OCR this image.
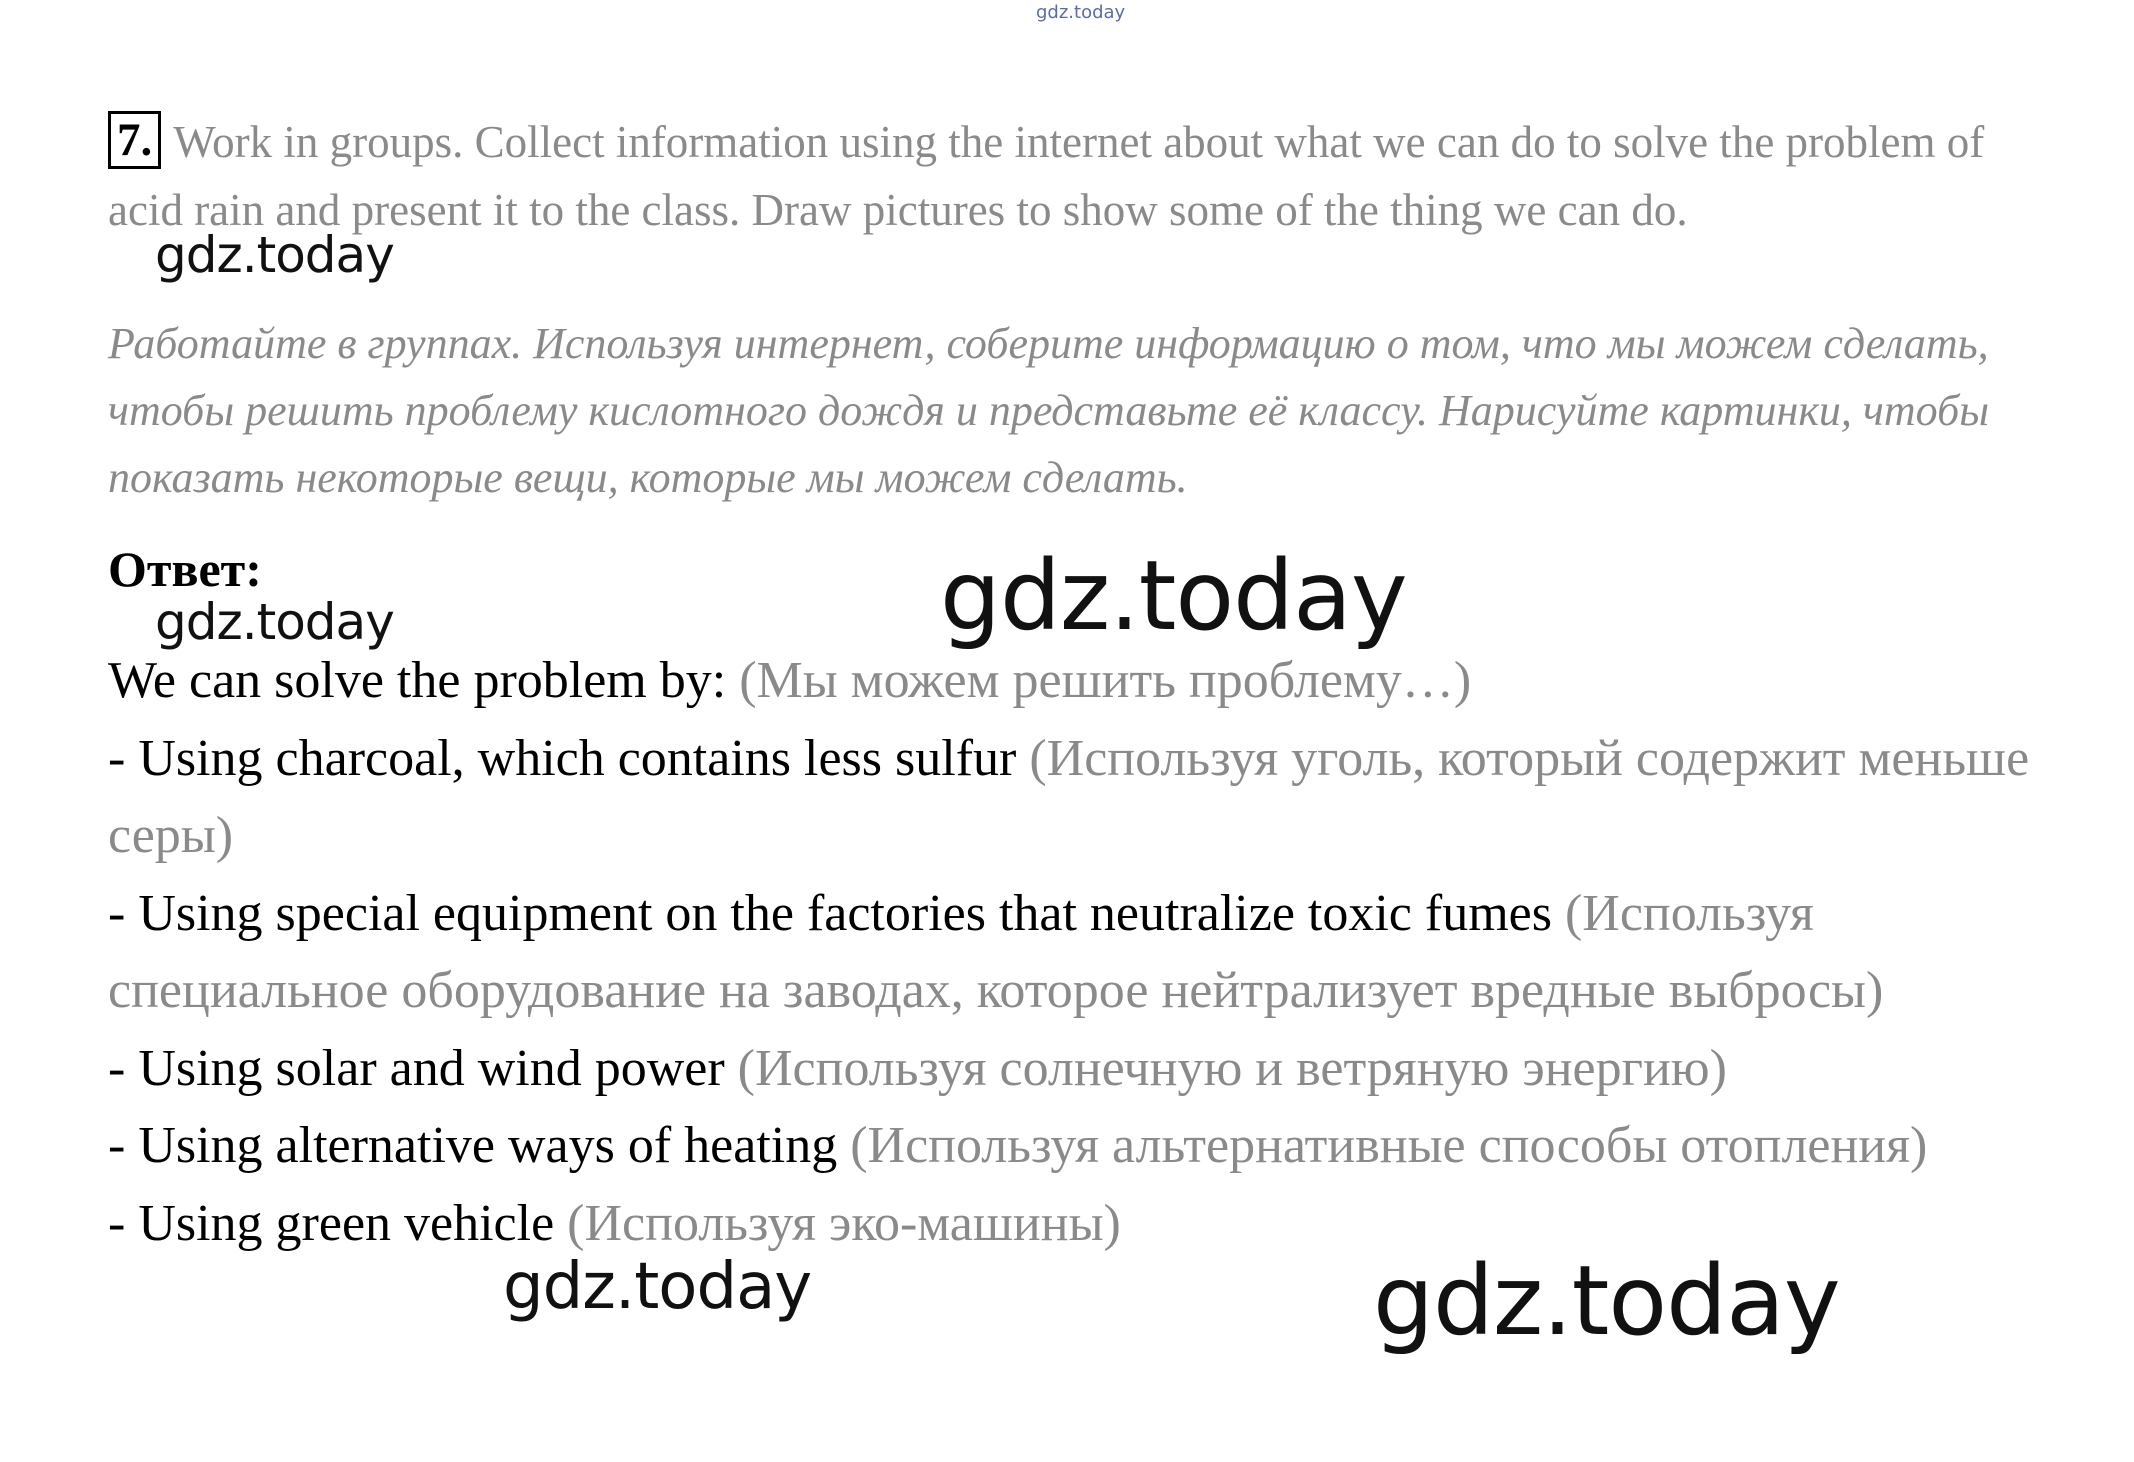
gdz.today
7. Work in groups. Collect information using the internet about what we can do to solve the problem of acid rain and present it to the class. Draw pictures to show some of the thing we can do.
Работайте в группах. Используя интернет, соберите информацию о том, что мы можем сделать, чтобы решить проблему кислотного дождя и представьте её классу. Нарисуйте картинки, чтобы показать некоторые вещи, которые мы можем сделать.
Ответ:
We can solve the problem by: (Мы можем решить проблему…)
- Using charcoal, which contains less sulfur (Используя уголь, который содержит меньше серы)
- Using special equipment on the factories that neutralize toxic fumes (Используя специальное оборудование на заводах, которое нейтрализует вредные выбросы)
- Using solar and wind power (Используя солнечную и ветряную энергию)
- Using alternative ways of heating (Используя альтернативные способы отопления)
- Using green vehicle (Используя эко-машины)
gdz.today
gdz.today	gdz.today
gdz.today	gdz.today
